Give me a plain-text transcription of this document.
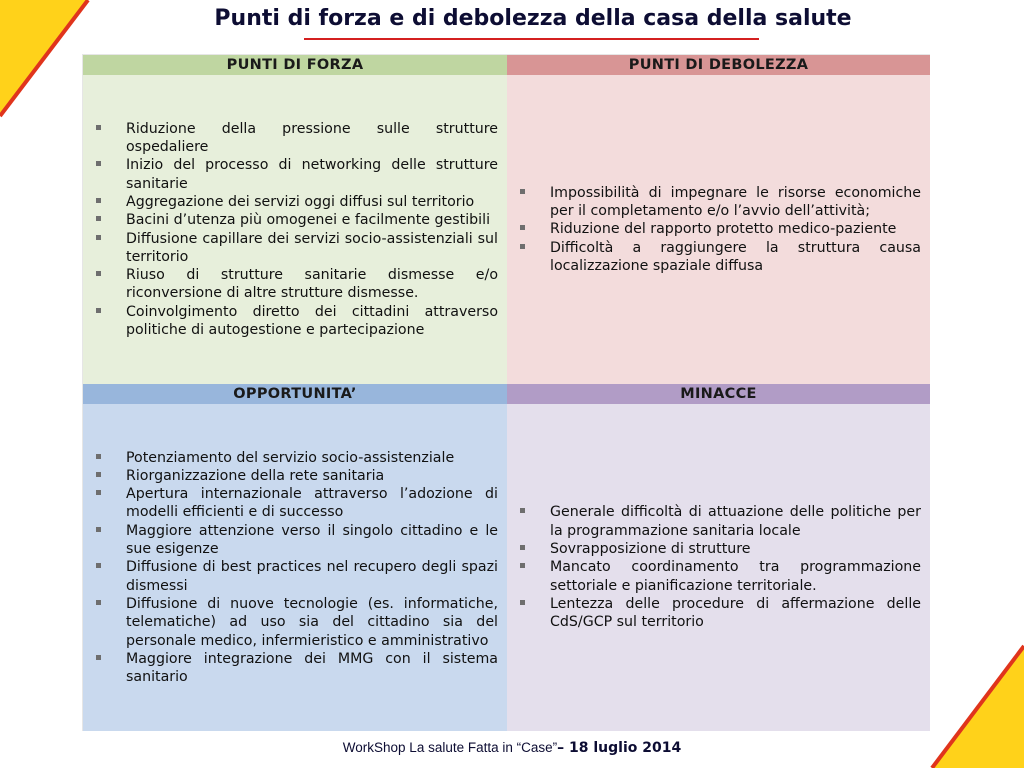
Punti di forza e di debolezza della casa della salute
PUNTI DI FORZA
Riduzione della pressione sulle strutture ospedaliere
Inizio del processo di networking delle strutture sanitarie
Aggregazione dei servizi oggi diffusi sul territorio
Bacini d’utenza più omogenei e facilmente gestibili
Diffusione capillare dei servizi socio-assistenziali sul territorio
Riuso di strutture sanitarie dismesse e/o riconversione di altre strutture dismesse.
Coinvolgimento diretto dei cittadini attraverso politiche di autogestione e partecipazione
PUNTI DI DEBOLEZZA
Impossibilità di impegnare le risorse economiche per il completamento e/o l’avvio dell’attività;
Riduzione del rapporto protetto medico-paziente
Difficoltà a raggiungere la struttura causa localizzazione spaziale diffusa
OPPORTUNITA’
Potenziamento del servizio socio-assistenziale
Riorganizzazione della rete sanitaria
Apertura internazionale attraverso l’adozione di modelli efficienti e di successo
Maggiore attenzione verso il singolo cittadino e le sue esigenze
Diffusione di best practices nel recupero degli spazi dismessi
Diffusione di nuove tecnologie (es. informatiche, telematiche) ad uso sia del cittadino sia del personale medico, infermieristico e amministrativo
Maggiore integrazione dei MMG con il sistema sanitario
MINACCE
Generale difficoltà di attuazione delle politiche per la programmazione sanitaria locale
Sovrapposizione di strutture
Mancato coordinamento tra programmazione settoriale e pianificazione territoriale.
Lentezza delle procedure di affermazione delle CdS/GCP sul territorio
WorkShop La salute Fatta in “Case”– 18 luglio 2014
